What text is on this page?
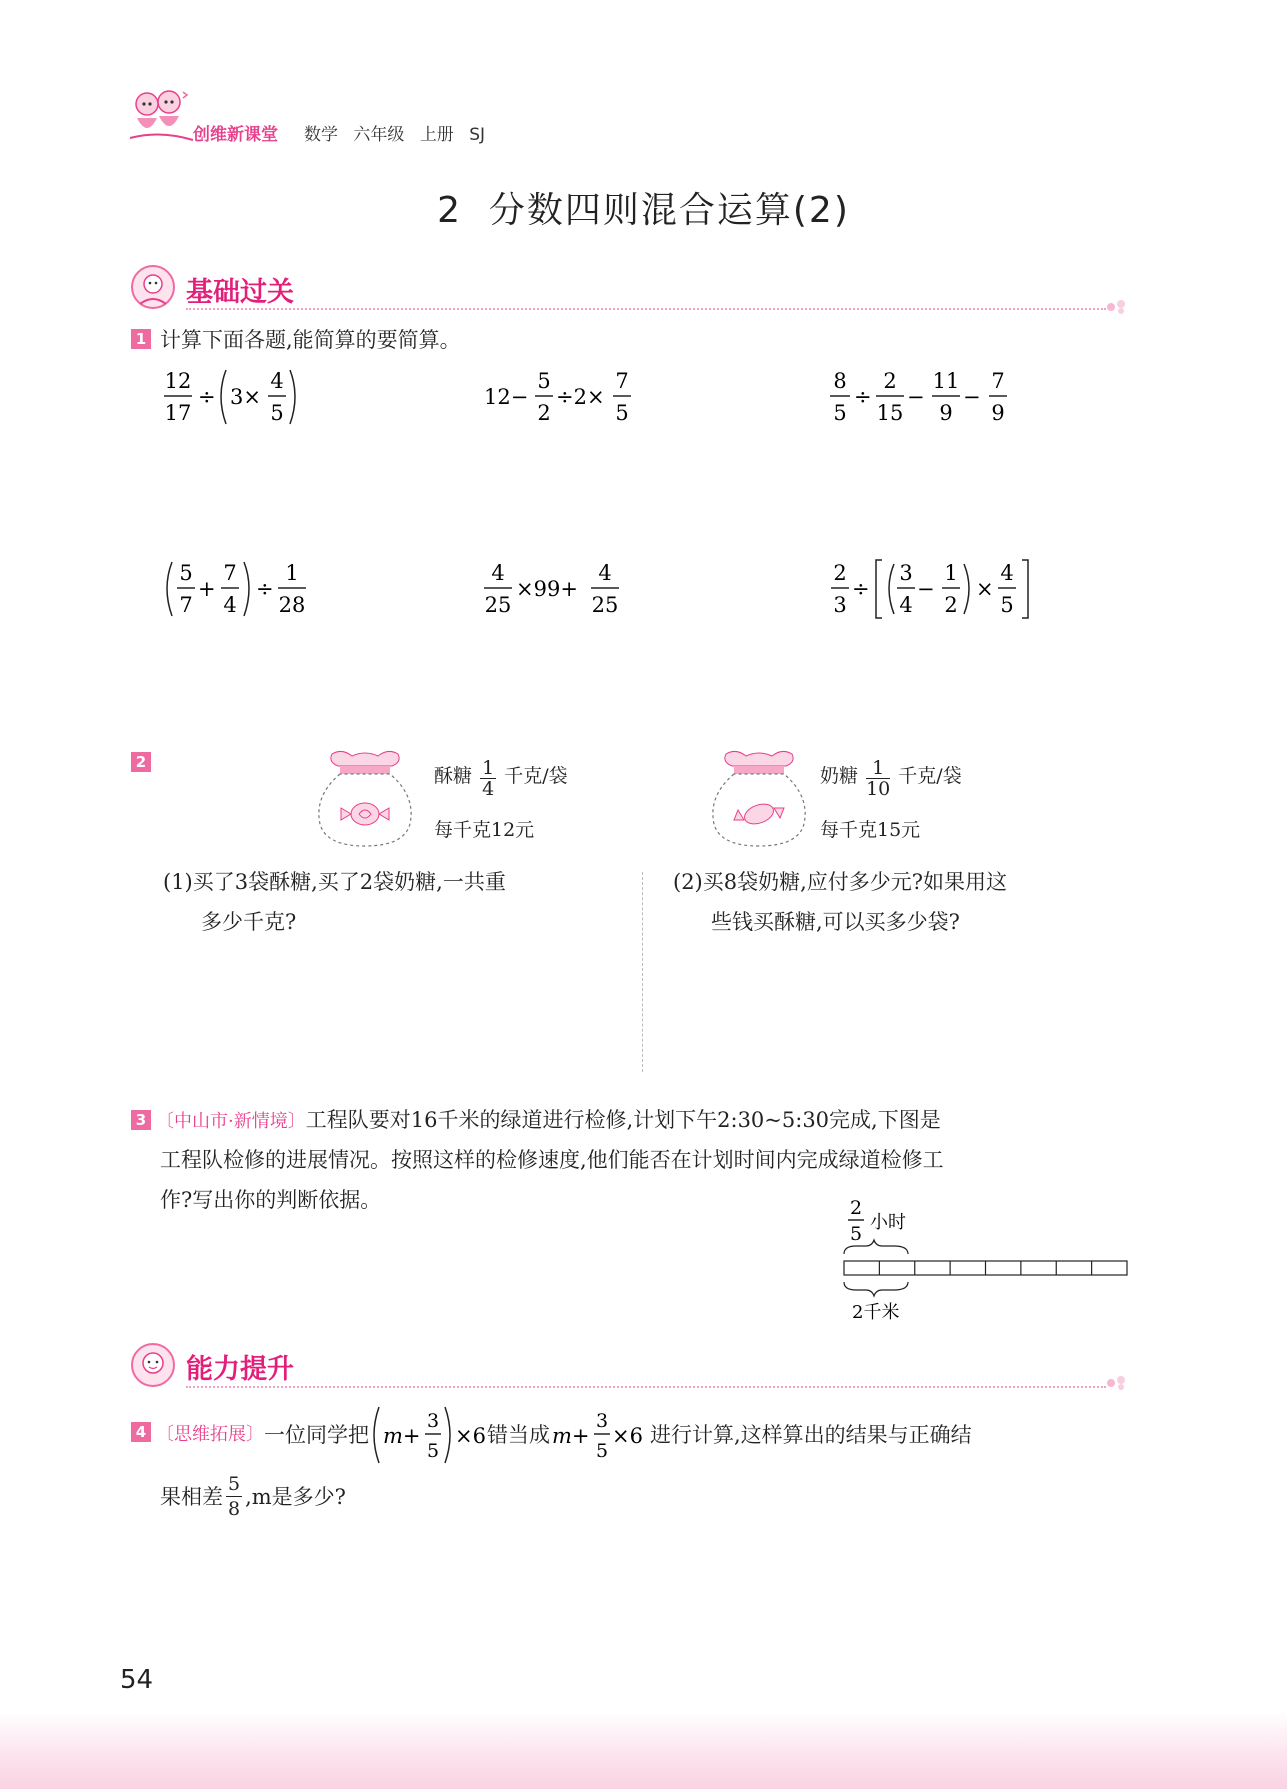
创维新课堂 数学 六年级 上册 SJ
2  分数四则混合运算(2)
基础过关
1 计算下面各题,能简算的要简算。
12
17
÷ 3×
4
5
12−
5
2
÷2×
7
5
8
5
÷
2
15
−
11
9
−
7
9
5
7
+
7
4
÷
1
28
4
25
×99+
4
25
2
3
÷
3
4
−
1
2
×
4
5
2
酥糖 $\frac{1}{4}$ 千克/袋
每千克12元
奶糖 $\frac{1}{10}$ 千克/袋
每千克15元
(1)买了3袋酥糖,买了2袋奶糖,一共重
多少千克?
(2)买8袋奶糖,应付多少元?如果用这
些钱买酥糖,可以买多少袋?
3 〔中山市·新情境〕工程队要对16千米的绿道进行检修,计划下午2:30~5:30完成,下图是
工程队检修的进展情况。按照这样的检修速度,他们能否在计划时间内完成绿道检修工
作?写出你的判断依据。	2
5
小时
2千米
能力提升
4 〔思维拓展〕 一位同学把 m+
3
5
×6 错当成 m+
3
5
×6 进行计算,这样算出的结果与正确结
果相差 $\frac{5}{8} ,m$是多少?
54
